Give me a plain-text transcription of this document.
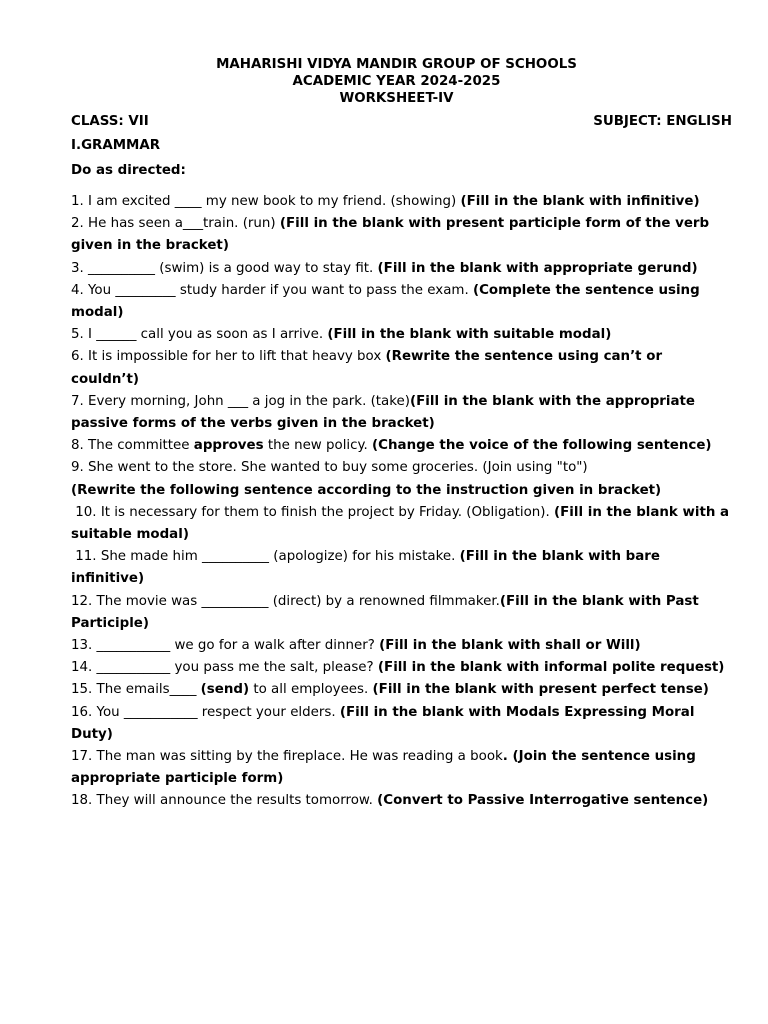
MAHARISHI VIDYA MANDIR GROUP OF SCHOOLS
ACADEMIC YEAR 2024-2025
WORKSHEET-IV
CLASS: VII	SUBJECT: ENGLISH
I.GRAMMAR
Do as directed:
1. I am excited ____ my new book to my friend. (showing) (Fill in the blank with infinitive)
2. He has seen a___train. (run) (Fill in the blank with present participle form of the verb given in the bracket)
3. __________ (swim) is a good way to stay fit. (Fill in the blank with appropriate gerund)
4. You _________ study harder if you want to pass the exam. (Complete the sentence using modal)
5. I ______ call you as soon as I arrive. (Fill in the blank with suitable modal)
6. It is impossible for her to lift that heavy box (Rewrite the sentence using can’t or couldn’t)
7. Every morning, John ___ a jog in the park. (take)(Fill in the blank with the appropriate passive forms of the verbs given in the bracket)
8. The committee approves the new policy. (Change the voice of the following sentence)
9. She went to the store. She wanted to buy some groceries. (Join using "to")
(Rewrite the following sentence according to the instruction given in bracket)
10. It is necessary for them to finish the project by Friday. (Obligation). (Fill in the blank with a suitable modal)
11. She made him __________ (apologize) for his mistake. (Fill in the blank with bare infinitive)
12. The movie was __________ (direct) by a renowned filmmaker.(Fill in the blank with Past Participle)
13. ___________ we go for a walk after dinner? (Fill in the blank with shall or Will)
14. ___________ you pass me the salt, please? (Fill in the blank with informal polite request)
15. The emails____ (send) to all employees. (Fill in the blank with present perfect tense)
16. You ___________ respect your elders. (Fill in the blank with Modals Expressing Moral Duty)
17. The man was sitting by the fireplace. He was reading a book. (Join the sentence using appropriate participle form)
18. They will announce the results tomorrow. (Convert to Passive Interrogative sentence)
